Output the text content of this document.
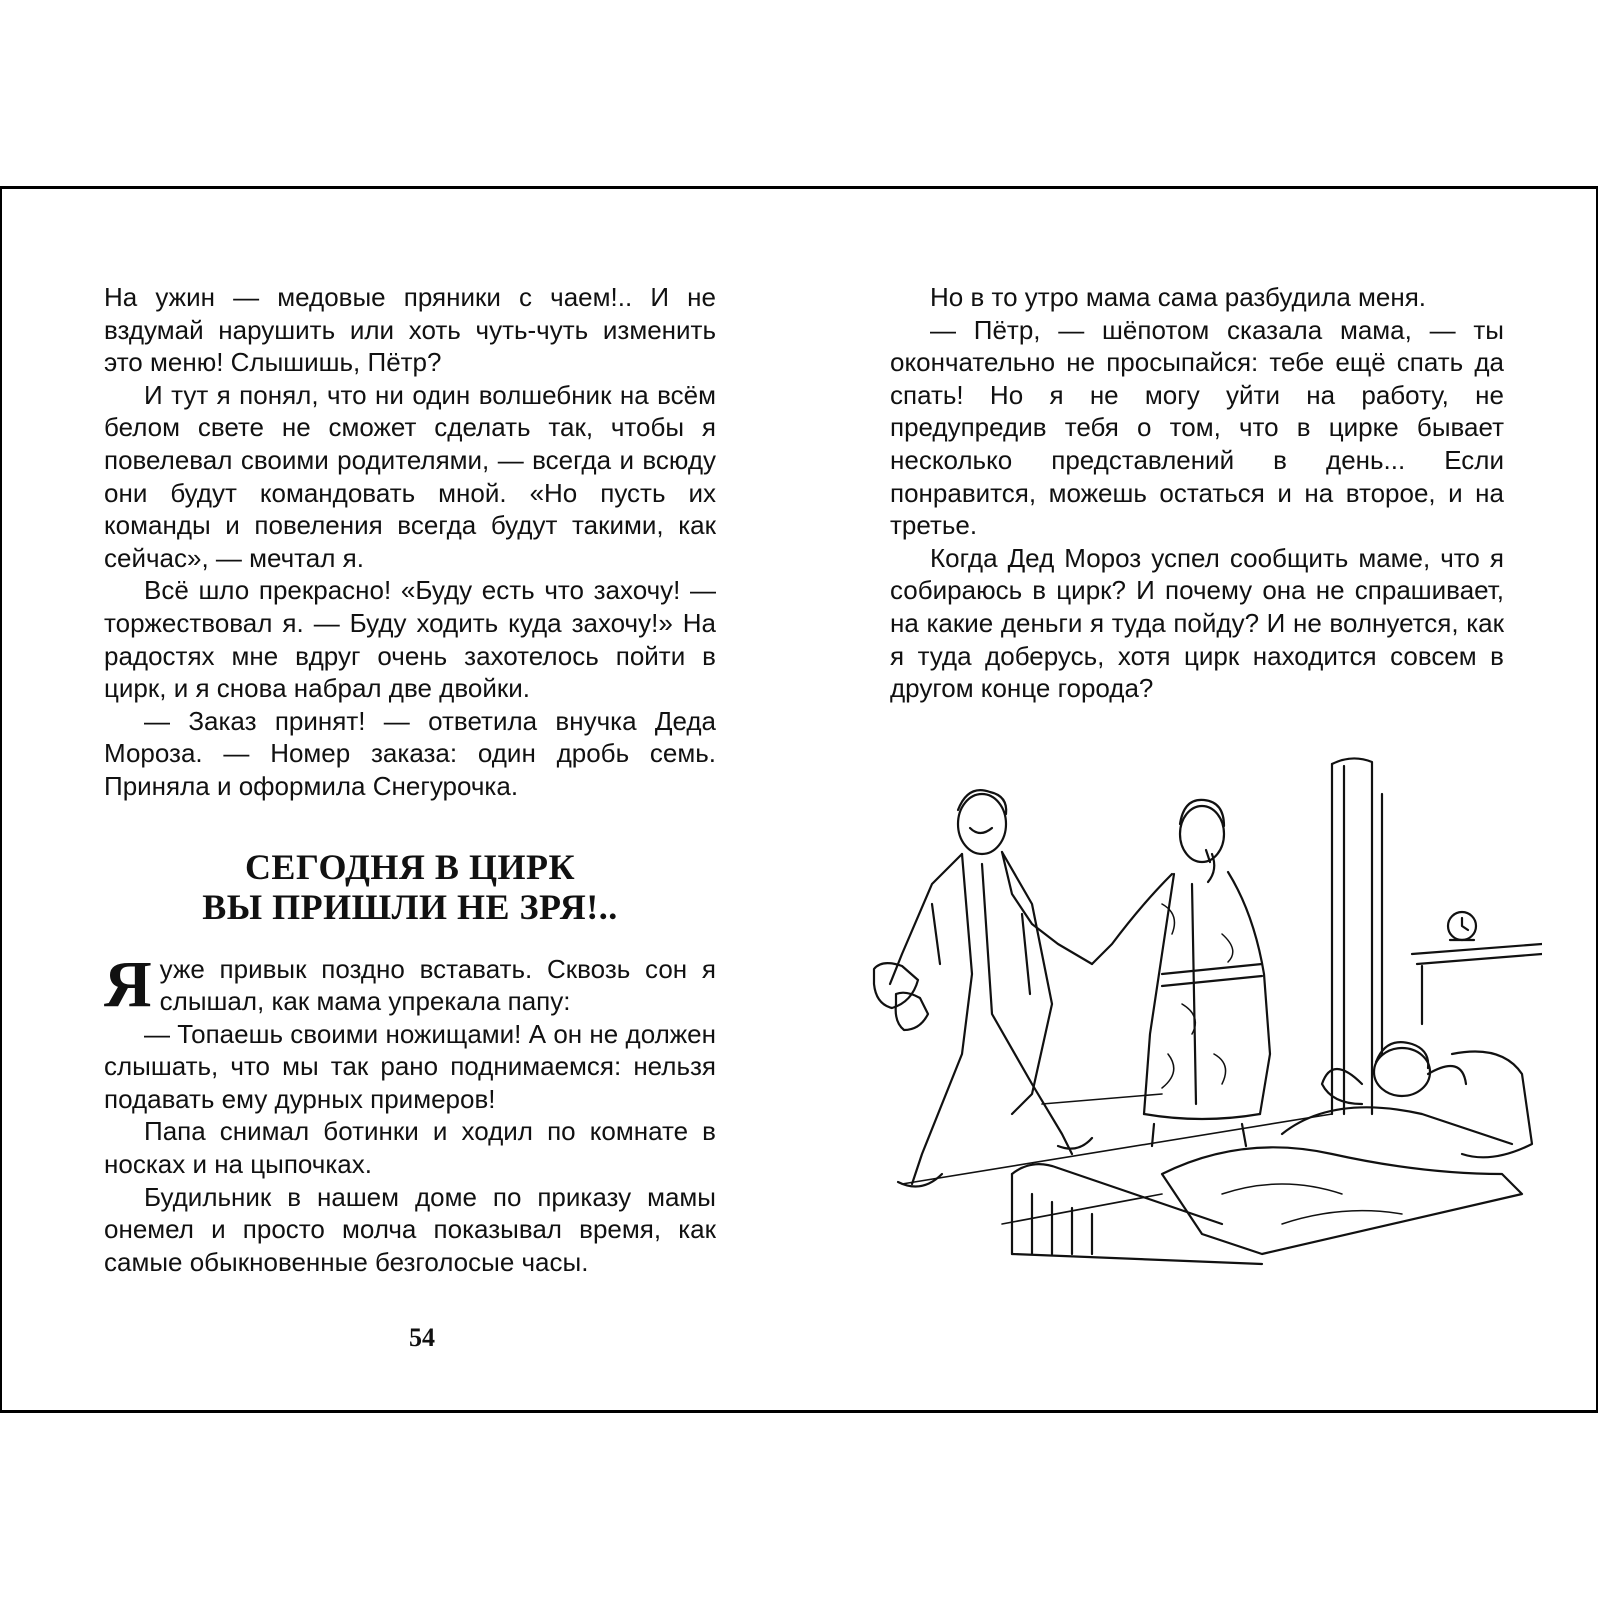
На ужин — медовые пряники с чаем!.. И не вздумай нарушить или хоть чуть-чуть изменить это меню! Слышишь, Пётр?

И тут я понял, что ни один волшебник на всём белом свете не сможет сделать так, чтобы я повелевал своими родителями, — всегда и всюду они будут командовать мной. «Но пусть их команды и повеления всегда будут такими, как сейчас», — мечтал я.

Всё шло прекрасно! «Буду есть что захочу! — торжествовал я. — Буду ходить куда захочу!» На радостях мне вдруг очень захотелось пойти в цирк, и я снова набрал две двойки.

— Заказ принят! — ответила внучка Деда Мороза. — Номер заказа: один дробь семь. Приняла и оформила Снегурочка.

СЕГОДНЯ В ЦИРК
ВЫ ПРИШЛИ НЕ ЗРЯ!..

Я уже привык поздно вставать. Сквозь сон я слышал, как мама упрекала папу:

— Топаешь своими ножищами! А он не должен слышать, что мы так рано поднимаемся: нельзя подавать ему дурных примеров!

Папа снимал ботинки и ходил по комнате в носках и на цыпочках.

Будильник в нашем доме по приказу мамы онемел и просто молча показывал время, как самые обыкновенные безголосые часы.

54

Но в то утро мама сама разбудила меня.

— Пётр, — шёпотом сказала мама, — ты окончательно не просыпайся: тебе ещё спать да спать! Но я не могу уйти на работу, не предупредив тебя о том, что в цирке бывает несколько представлений в день... Если понравится, можешь остаться и на второе, и на третье.

Когда Дед Мороз успел сообщить маме, что я собираюсь в цирк? И почему она не спрашивает, на какие деньги я туда пойду? И не волнуется, как я туда доберусь, хотя цирк находится совсем в другом конце города?
